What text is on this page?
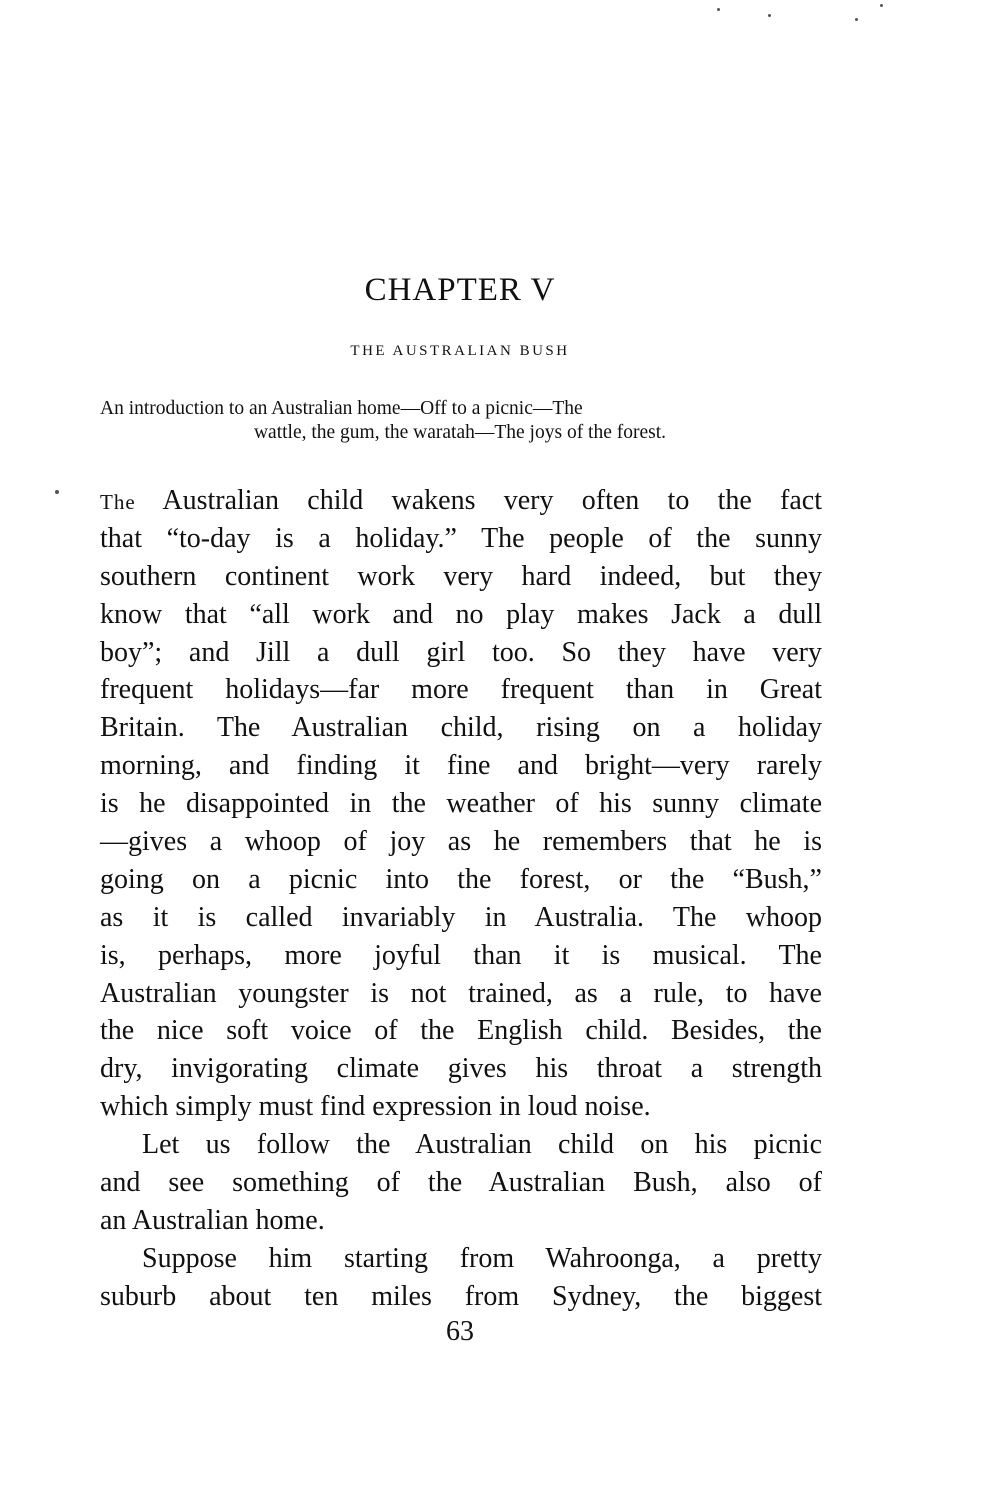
CHAPTER V
THE AUSTRALIAN BUSH
An introduction to an Australian home—Off to a picnic—The
wattle, the gum, the waratah—The joys of the forest.
The Australian child wakens very often to the fact
that “to-day is a holiday.” The people of the sunny
southern continent work very hard indeed, but they
know that “all work and no play makes Jack a dull
boy”; and Jill a dull girl too. So they have very
frequent holidays—far more frequent than in Great
Britain. The Australian child, rising on a holiday
morning, and finding it fine and bright—very rarely
is he disappointed in the weather of his sunny climate
—gives a whoop of joy as he remembers that he is
going on a picnic into the forest, or the “Bush,”
as it is called invariably in Australia. The whoop
is, perhaps, more joyful than it is musical. The
Australian youngster is not trained, as a rule, to have
the nice soft voice of the English child. Besides, the
dry, invigorating climate gives his throat a strength
which simply must find expression in loud noise.
Let us follow the Australian child on his picnic
and see something of the Australian Bush, also of
an Australian home.
Suppose him starting from Wahroonga, a pretty
suburb about ten miles from Sydney, the biggest
63
